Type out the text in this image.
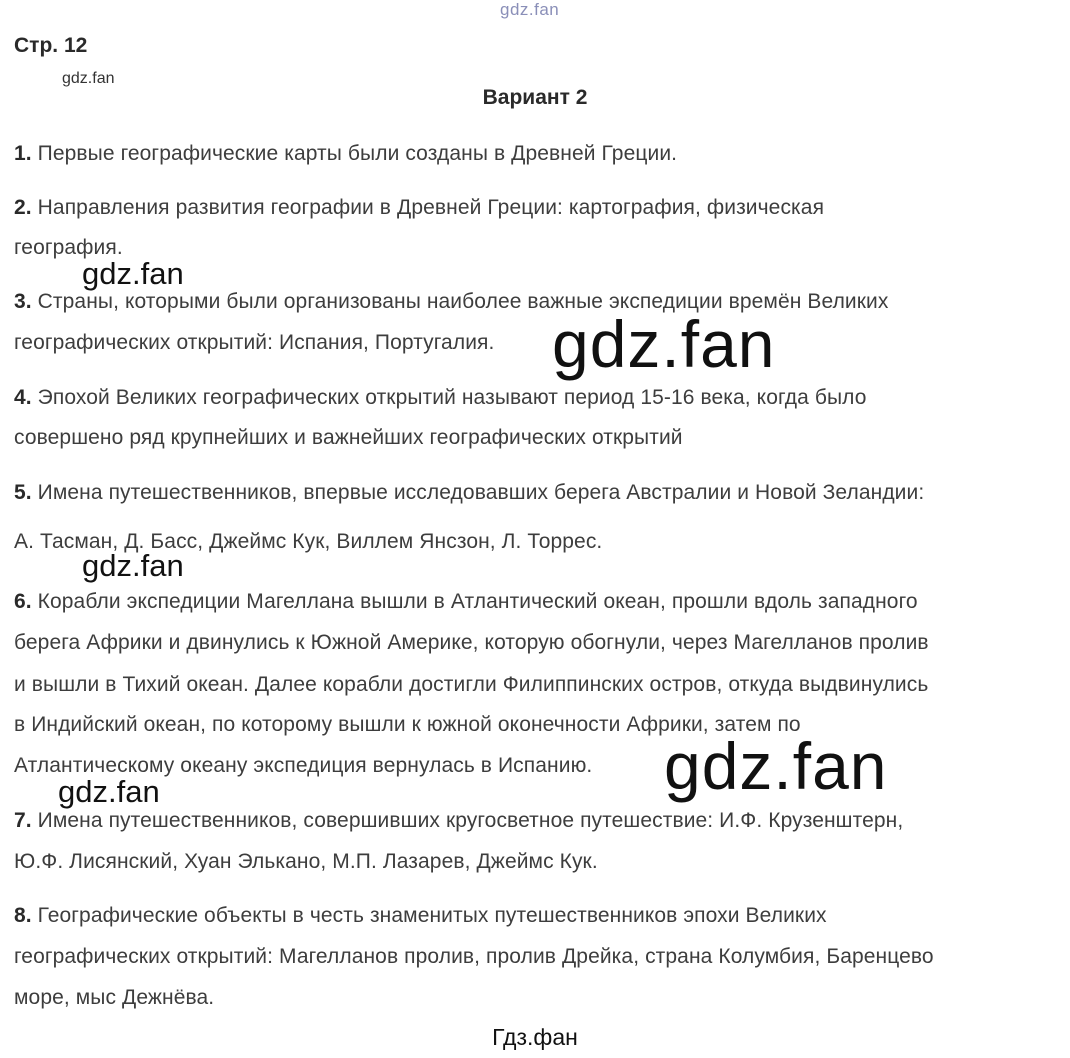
gdz.fan
Стр. 12
gdz.fan
Вариант 2
1. Первые географические карты были созданы в Древней Греции.
2. Направления развития географии в Древней Греции: картография, физическая
география.
3. Страны, которыми были организованы наиболее важные экспедиции времён Великих
географических открытий: Испания, Португалия.
4. Эпохой Великих географических открытий называют период 15-16 века, когда было
совершено ряд крупнейших и важнейших географических открытий
5. Имена путешественников, впервые исследовавших берега Австралии и Новой Зеландии:
А. Тасман, Д. Басс, Джеймс Кук, Виллем Янсзон, Л. Торрес.
6. Корабли экспедиции Магеллана вышли в Атлантический океан, прошли вдоль западного
берега Африки и двинулись к Южной Америке, которую обогнули, через Магелланов пролив
и вышли в Тихий океан. Далее корабли достигли Филиппинских остров, откуда выдвинулись
в Индийский океан, по которому вышли к южной оконечности Африки, затем по
Атлантическому океану экспедиция вернулась в Испанию.
7. Имена путешественников, совершивших кругосветное путешествие: И.Ф. Крузенштерн,
Ю.Ф. Лисянский, Хуан Элькано, М.П. Лазарев, Джеймс Кук.
8. Географические объекты в честь знаменитых путешественников эпохи Великих
географических открытий: Магелланов пролив, пролив Дрейка, страна Колумбия, Баренцево
море, мыс Дежнёва.
gdz.fan
gdz.fan
gdz.fan
gdz.fan
gdz.fan
Гдз.фан
